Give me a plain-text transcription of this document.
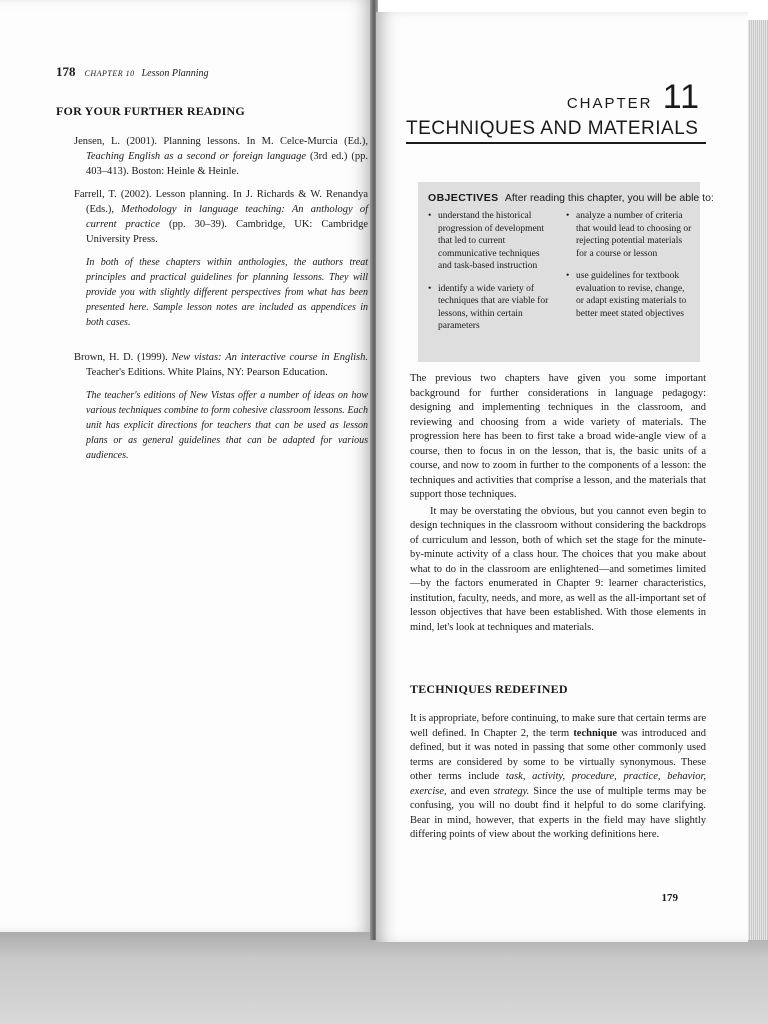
178 CHAPTER 10 Lesson Planning
FOR YOUR FURTHER READING
Jensen, L. (2001). Planning lessons. In M. Celce-Murcia (Ed.), Teaching English as a second or foreign language (3rd ed.) (pp. 403–413). Boston: Heinle & Heinle.
Farrell, T. (2002). Lesson planning. In J. Richards & W. Renandya (Eds.), Methodology in language teaching: An anthology of current practice (pp. 30–39). Cambridge, UK: Cambridge University Press.
In both of these chapters within anthologies, the authors treat principles and practical guidelines for planning lessons. They will provide you with slightly different perspectives from what has been presented here. Sample lesson notes are included as appendices in both cases.
Brown, H. D. (1999). New vistas: An interactive course in English. Teacher's Editions. White Plains, NY: Pearson Education.
The teacher's editions of New Vistas offer a number of ideas on how various techniques combine to form cohesive classroom lessons. Each unit has explicit directions for teachers that can be used as lesson plans or as general guidelines that can be adapted for various audiences.
CHAPTER 11
TECHNIQUES AND MATERIALS
OBJECTIVES After reading this chapter, you will be able to:
• understand the historical progression of development that led to current communicative techniques and task-based instruction
• identify a wide variety of techniques that are viable for lessons, within certain parameters
• analyze a number of criteria that would lead to choosing or rejecting potential materials for a course or lesson
• use guidelines for textbook evaluation to revise, change, or adapt existing materials to better meet stated objectives

The previous two chapters have given you some important background for further considerations in language pedagogy: designing and implementing techniques in the classroom, and reviewing and choosing from a wide variety of materials. The progression here has been to first take a broad wide-angle view of a course, then to focus in on the lesson, that is, the basic units of a course, and now to zoom in further to the components of a lesson: the techniques and activities that comprise a lesson, and the materials that support those techniques.

It may be overstating the obvious, but you cannot even begin to design techniques in the classroom without considering the backdrops of curriculum and lesson, both of which set the stage for the minute-by-minute activity of a class hour. The choices that you make about what to do in the classroom are enlightened—and sometimes limited—by the factors enumerated in Chapter 9: learner characteristics, institution, faculty, needs, and more, as well as the all-important set of lesson objectives that have been established. With those elements in mind, let's look at techniques and materials.

TECHNIQUES REDEFINED

It is appropriate, before continuing, to make sure that certain terms are well defined. In Chapter 2, the term technique was introduced and defined, but it was noted in passing that some other commonly used terms are considered by some to be virtually synonymous. These other terms include task, activity, procedure, practice, behavior, exercise, and even strategy. Since the use of multiple terms may be confusing, you will no doubt find it helpful to do some clarifying. Bear in mind, however, that experts in the field may have slightly differing points of view about the working definitions here.

179
